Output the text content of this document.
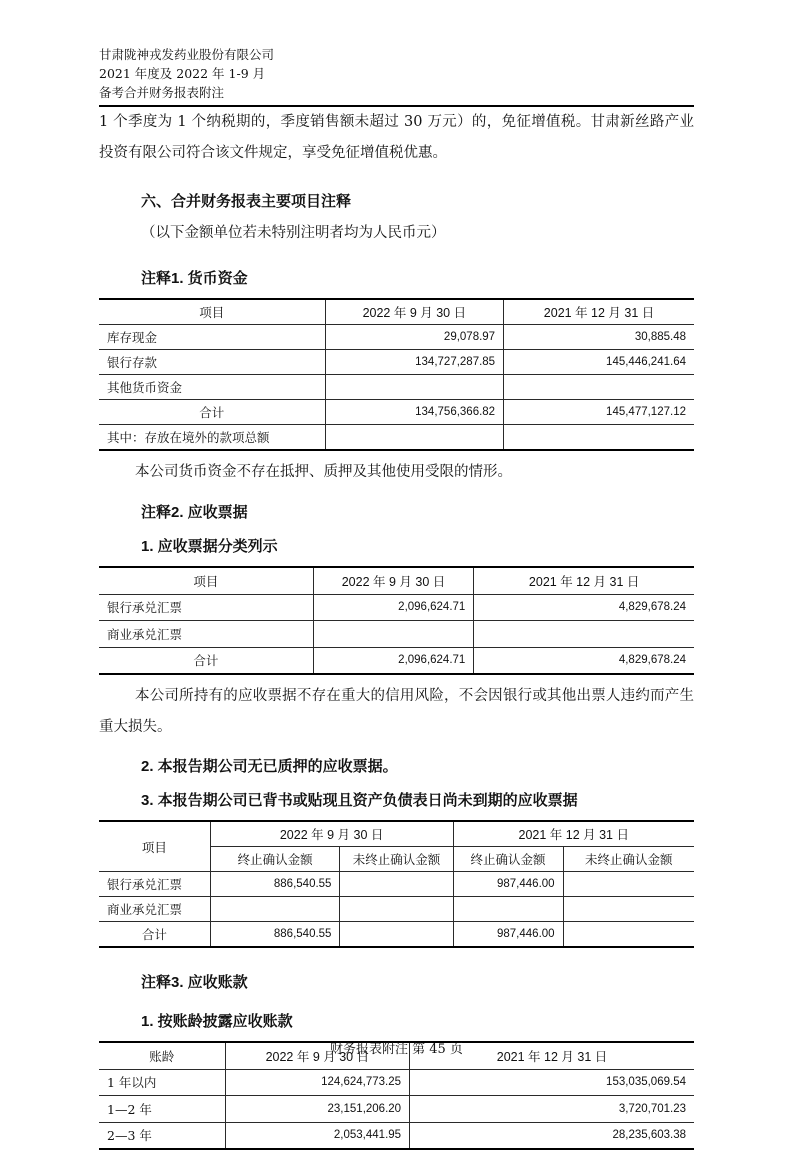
甘肃陇神戎发药业股份有限公司
2021 年度及 2022 年 1-9 月
备考合并财务报表附注

1 个季度为 1 个纳税期的，季度销售额未超过 30 万元）的，免征增值税。甘肃新丝路产业投资有限公司符合该文件规定，享受免征增值税优惠。

六、合并财务报表主要项目注释
（以下金额单位若未特别注明者均为人民币元）
注释1. 货币资金
项目	2022 年 9 月 30 日	2021 年 12 月 31 日
库存现金	29,078.97	30,885.48
银行存款	134,727,287.85	145,446,241.64
其他货币资金		
合计	134,756,366.82	145,477,127.12
其中：存放在境外的款项总额		

本公司货币资金不存在抵押、质押及其他使用受限的情形。

注释2. 应收票据
1. 应收票据分类列示
项目	2022 年 9 月 30 日	2021 年 12 月 31 日
银行承兑汇票	2,096,624.71	4,829,678.24
商业承兑汇票		
合计	2,096,624.71	4,829,678.24

本公司所持有的应收票据不存在重大的信用风险，不会因银行或其他出票人违约而产生重大损失。

2. 本报告期公司无已质押的应收票据。
3. 本报告期公司已背书或贴现且资产负债表日尚未到期的应收票据
项目	2022 年 9 月 30 日		2021 年 12 月 31 日	
	终止确认金额	未终止确认金额	终止确认金额	未终止确认金额
银行承兑汇票	886,540.55		987,446.00	
商业承兑汇票				
合计	886,540.55		987,446.00	
注释3. 应收账款
1. 按账龄披露应收账款
账龄	2022 年 9 月 30 日	2021 年 12 月 31 日
1 年以内	124,624,773.25	153,035,069.54
1—2 年	23,151,206.20	3,720,701.23
2—3 年	2,053,441.95	28,235,603.38
财务报表附注 第 45 页
